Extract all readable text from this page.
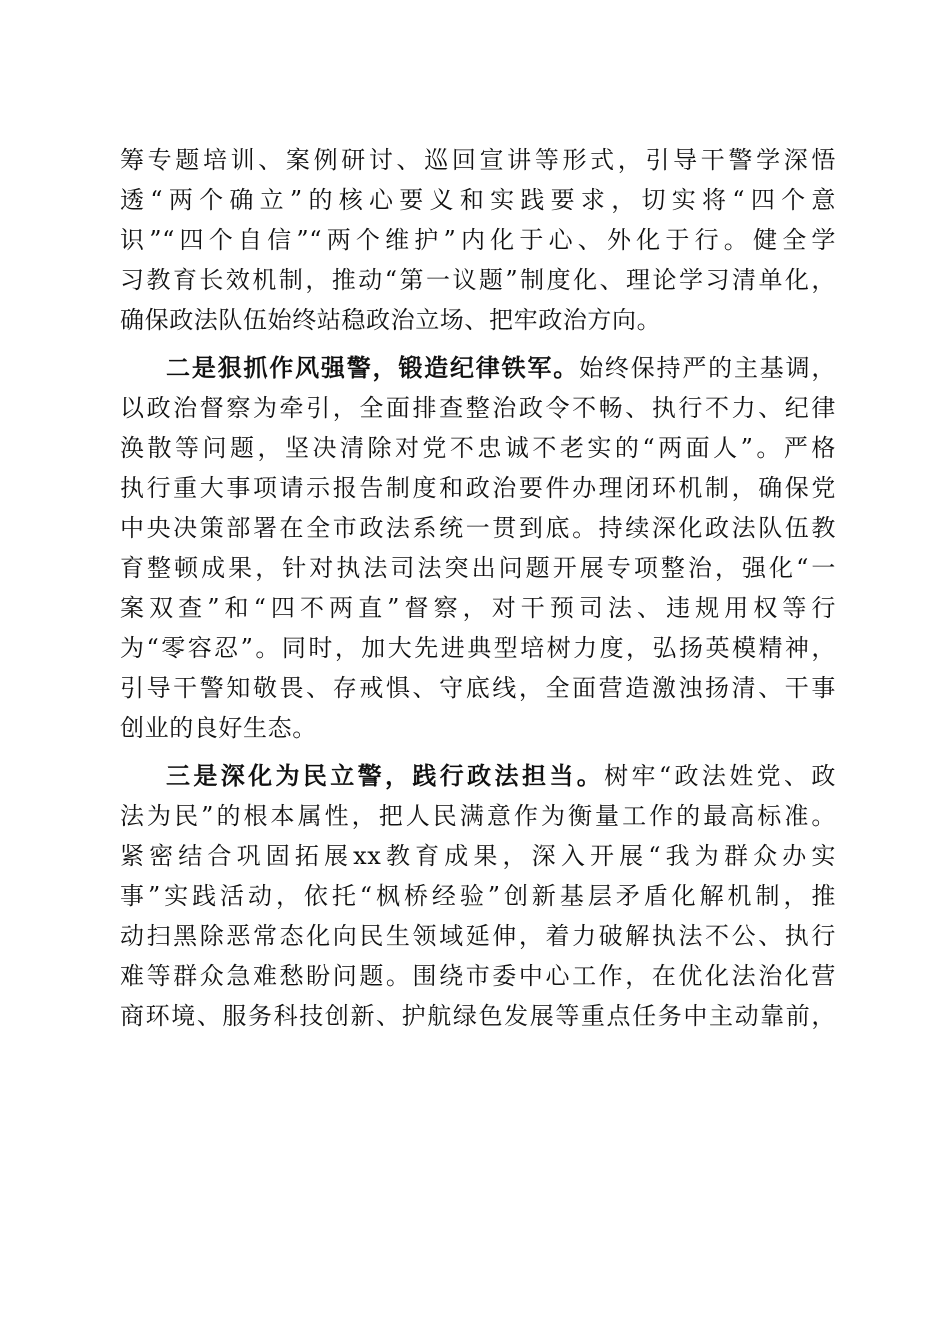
筹专题培训、案例研讨、巡回宣讲等形式，引导干警学深悟
透“两个确立”的核心要义和实践要求，切实将“四个意
识”“四个自信”“两个维护”内化于心、外化于行。健全学
习教育长效机制，推动“第一议题”制度化、理论学习清单化，
确保政法队伍始终站稳政治立场、把牢政治方向。
二是狠抓作风强警，锻造纪律铁军。始终保持严的主基调，
以政治督察为牵引，全面排查整治政令不畅、执行不力、纪律
涣散等问题，坚决清除对党不忠诚不老实的“两面人”。严格
执行重大事项请示报告制度和政治要件办理闭环机制，确保党
中央决策部署在全市政法系统一贯到底。持续深化政法队伍教
育整顿成果，针对执法司法突出问题开展专项整治，强化“一
案双查”和“四不两直”督察，对干预司法、违规用权等行
为“零容忍”。同时，加大先进典型培树力度，弘扬英模精神，
引导干警知敬畏、存戒惧、守底线，全面营造激浊扬清、干事
创业的良好生态。
三是深化为民立警，践行政法担当。树牢“政法姓党、政
法为民”的根本属性，把人民满意作为衡量工作的最高标准。
紧密结合巩固拓展xx教育成果，深入开展“我为群众办实
事”实践活动，依托“枫桥经验”创新基层矛盾化解机制，推
动扫黑除恶常态化向民生领域延伸，着力破解执法不公、执行
难等群众急难愁盼问题。围绕市委中心工作，在优化法治化营
商环境、服务科技创新、护航绿色发展等重点任务中主动靠前，
